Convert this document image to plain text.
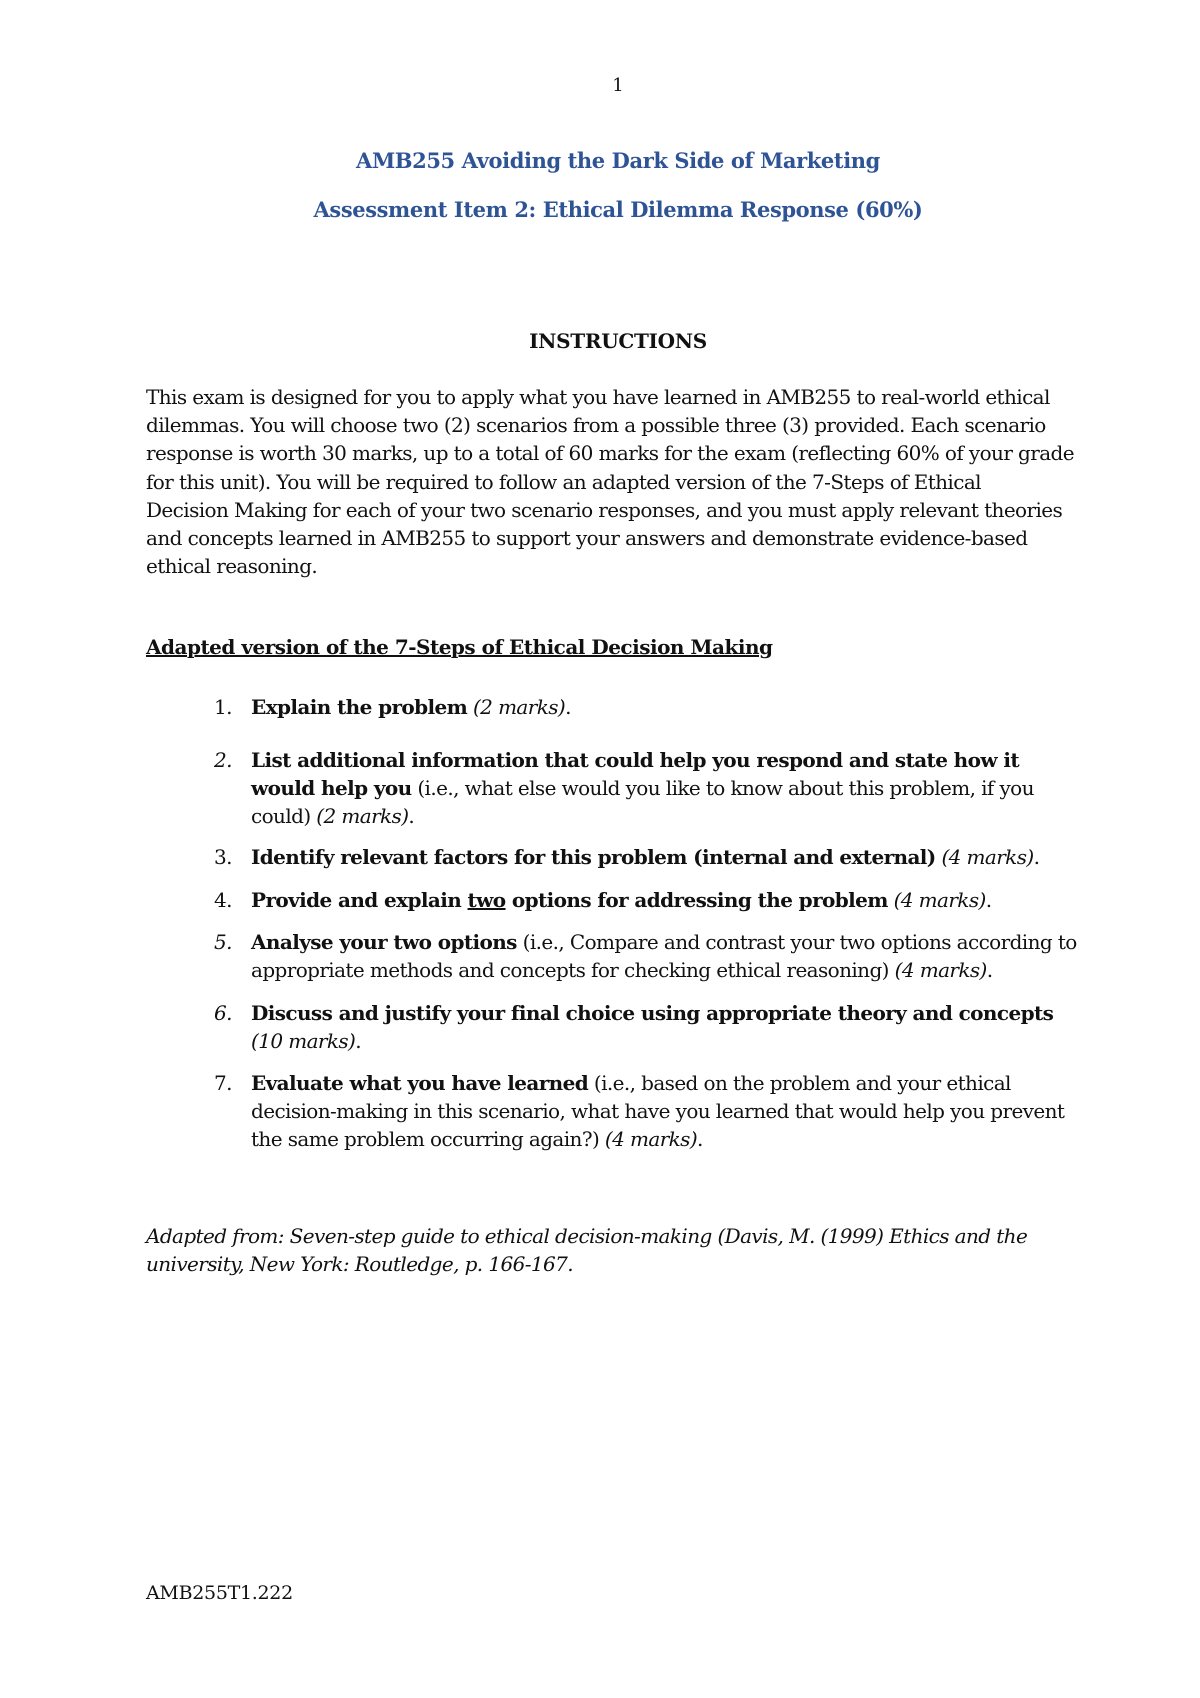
1
AMB255 Avoiding the Dark Side of Marketing
Assessment Item 2: Ethical Dilemma Response (60%)
INSTRUCTIONS

This exam is designed for you to apply what you have learned in AMB255 to real-world ethical
dilemmas. You will choose two (2) scenarios from a possible three (3) provided. Each scenario
response is worth 30 marks, up to a total of 60 marks for the exam (reflecting 60% of your grade
for this unit). You will be required to follow an adapted version of the 7-Steps of Ethical
Decision Making for each of your two scenario responses, and you must apply relevant theories
and concepts learned in AMB255 to support your answers and demonstrate evidence-based
ethical reasoning.

Adapted version of the 7-Steps of Ethical Decision Making
1. Explain the problem (2 marks).
2. List additional information that could help you respond and state how it would help you (i.e., what else would you like to know about this problem, if you could) (2 marks).
3. Identify relevant factors for this problem (internal and external) (4 marks).
4. Provide and explain two options for addressing the problem (4 marks).
5. Analyse your two options (i.e., Compare and contrast your two options according to appropriate methods and concepts for checking ethical reasoning) (4 marks).
6. Discuss and justify your final choice using appropriate theory and concepts (10 marks).
7. Evaluate what you have learned (i.e., based on the problem and your ethical decision-making in this scenario, what have you learned that would help you prevent the same problem occurring again?) (4 marks).

Adapted from: Seven-step guide to ethical decision-making (Davis, M. (1999) Ethics and the
university, New York: Routledge, p. 166-167.

AMB255T1.222
